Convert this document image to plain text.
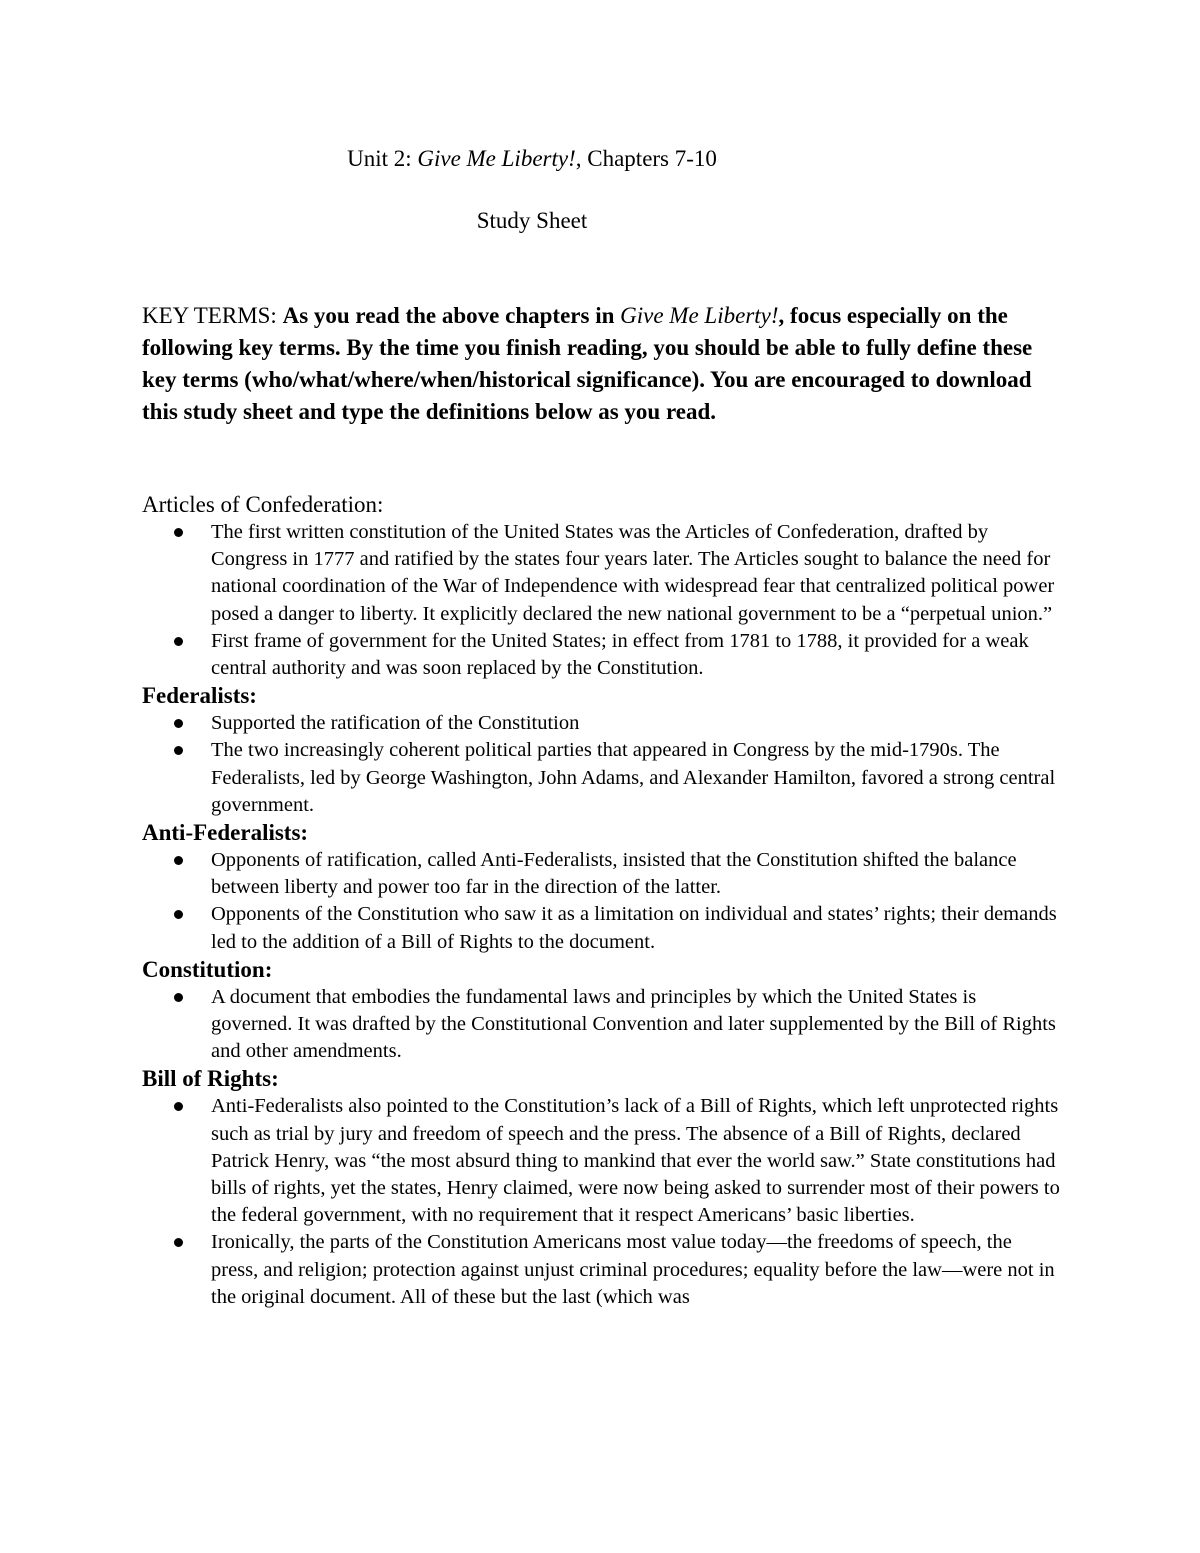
Unit 2: Give Me Liberty!, Chapters 7-10
Study Sheet
KEY TERMS: As you read the above chapters in Give Me Liberty!, focus especially on the following key terms. By the time you finish reading, you should be able to fully define these key terms (who/what/where/when/historical significance). You are encouraged to download this study sheet and type the definitions below as you read.

Articles of Confederation:

The first written constitution of the United States was the Articles of Confederation, drafted by Congress in 1777 and ratified by the states four years later. The Articles sought to balance the need for national coordination of the War of Independence with widespread fear that centralized political power posed a danger to liberty. It explicitly declared the new national government to be a “perpetual union.”
First frame of government for the United States; in effect from 1781 to 1788, it provided for a weak central authority and was soon replaced by the Constitution.

Federalists:

Supported the ratification of the Constitution
The two increasingly coherent political parties that appeared in Congress by the mid-1790s. The Federalists, led by George Washington, John Adams, and Alexander Hamilton, favored a strong central government.

Anti-Federalists:

Opponents of ratification, called Anti-Federalists, insisted that the Constitution shifted the balance between liberty and power too far in the direction of the latter.
Opponents of the Constitution who saw it as a limitation on individual and states’ rights; their demands led to the addition of a Bill of Rights to the document.

Constitution:

A document that embodies the fundamental laws and principles by which the United States is governed. It was drafted by the Constitutional Convention and later supplemented by the Bill of Rights and other amendments.

Bill of Rights:

Anti-Federalists also pointed to the Constitution’s lack of a Bill of Rights, which left unprotected rights such as trial by jury and freedom of speech and the press. The absence of a Bill of Rights, declared Patrick Henry, was “the most absurd thing to mankind that ever the world saw.” State constitutions had bills of rights, yet the states, Henry claimed, were now being asked to surrender most of their powers to the federal government, with no requirement that it respect Americans’ basic liberties.
Ironically, the parts of the Constitution Americans most value today—the freedoms of speech, the press, and religion; protection against unjust criminal procedures; equality before the law—were not in the original document. All of these but the last (which was
